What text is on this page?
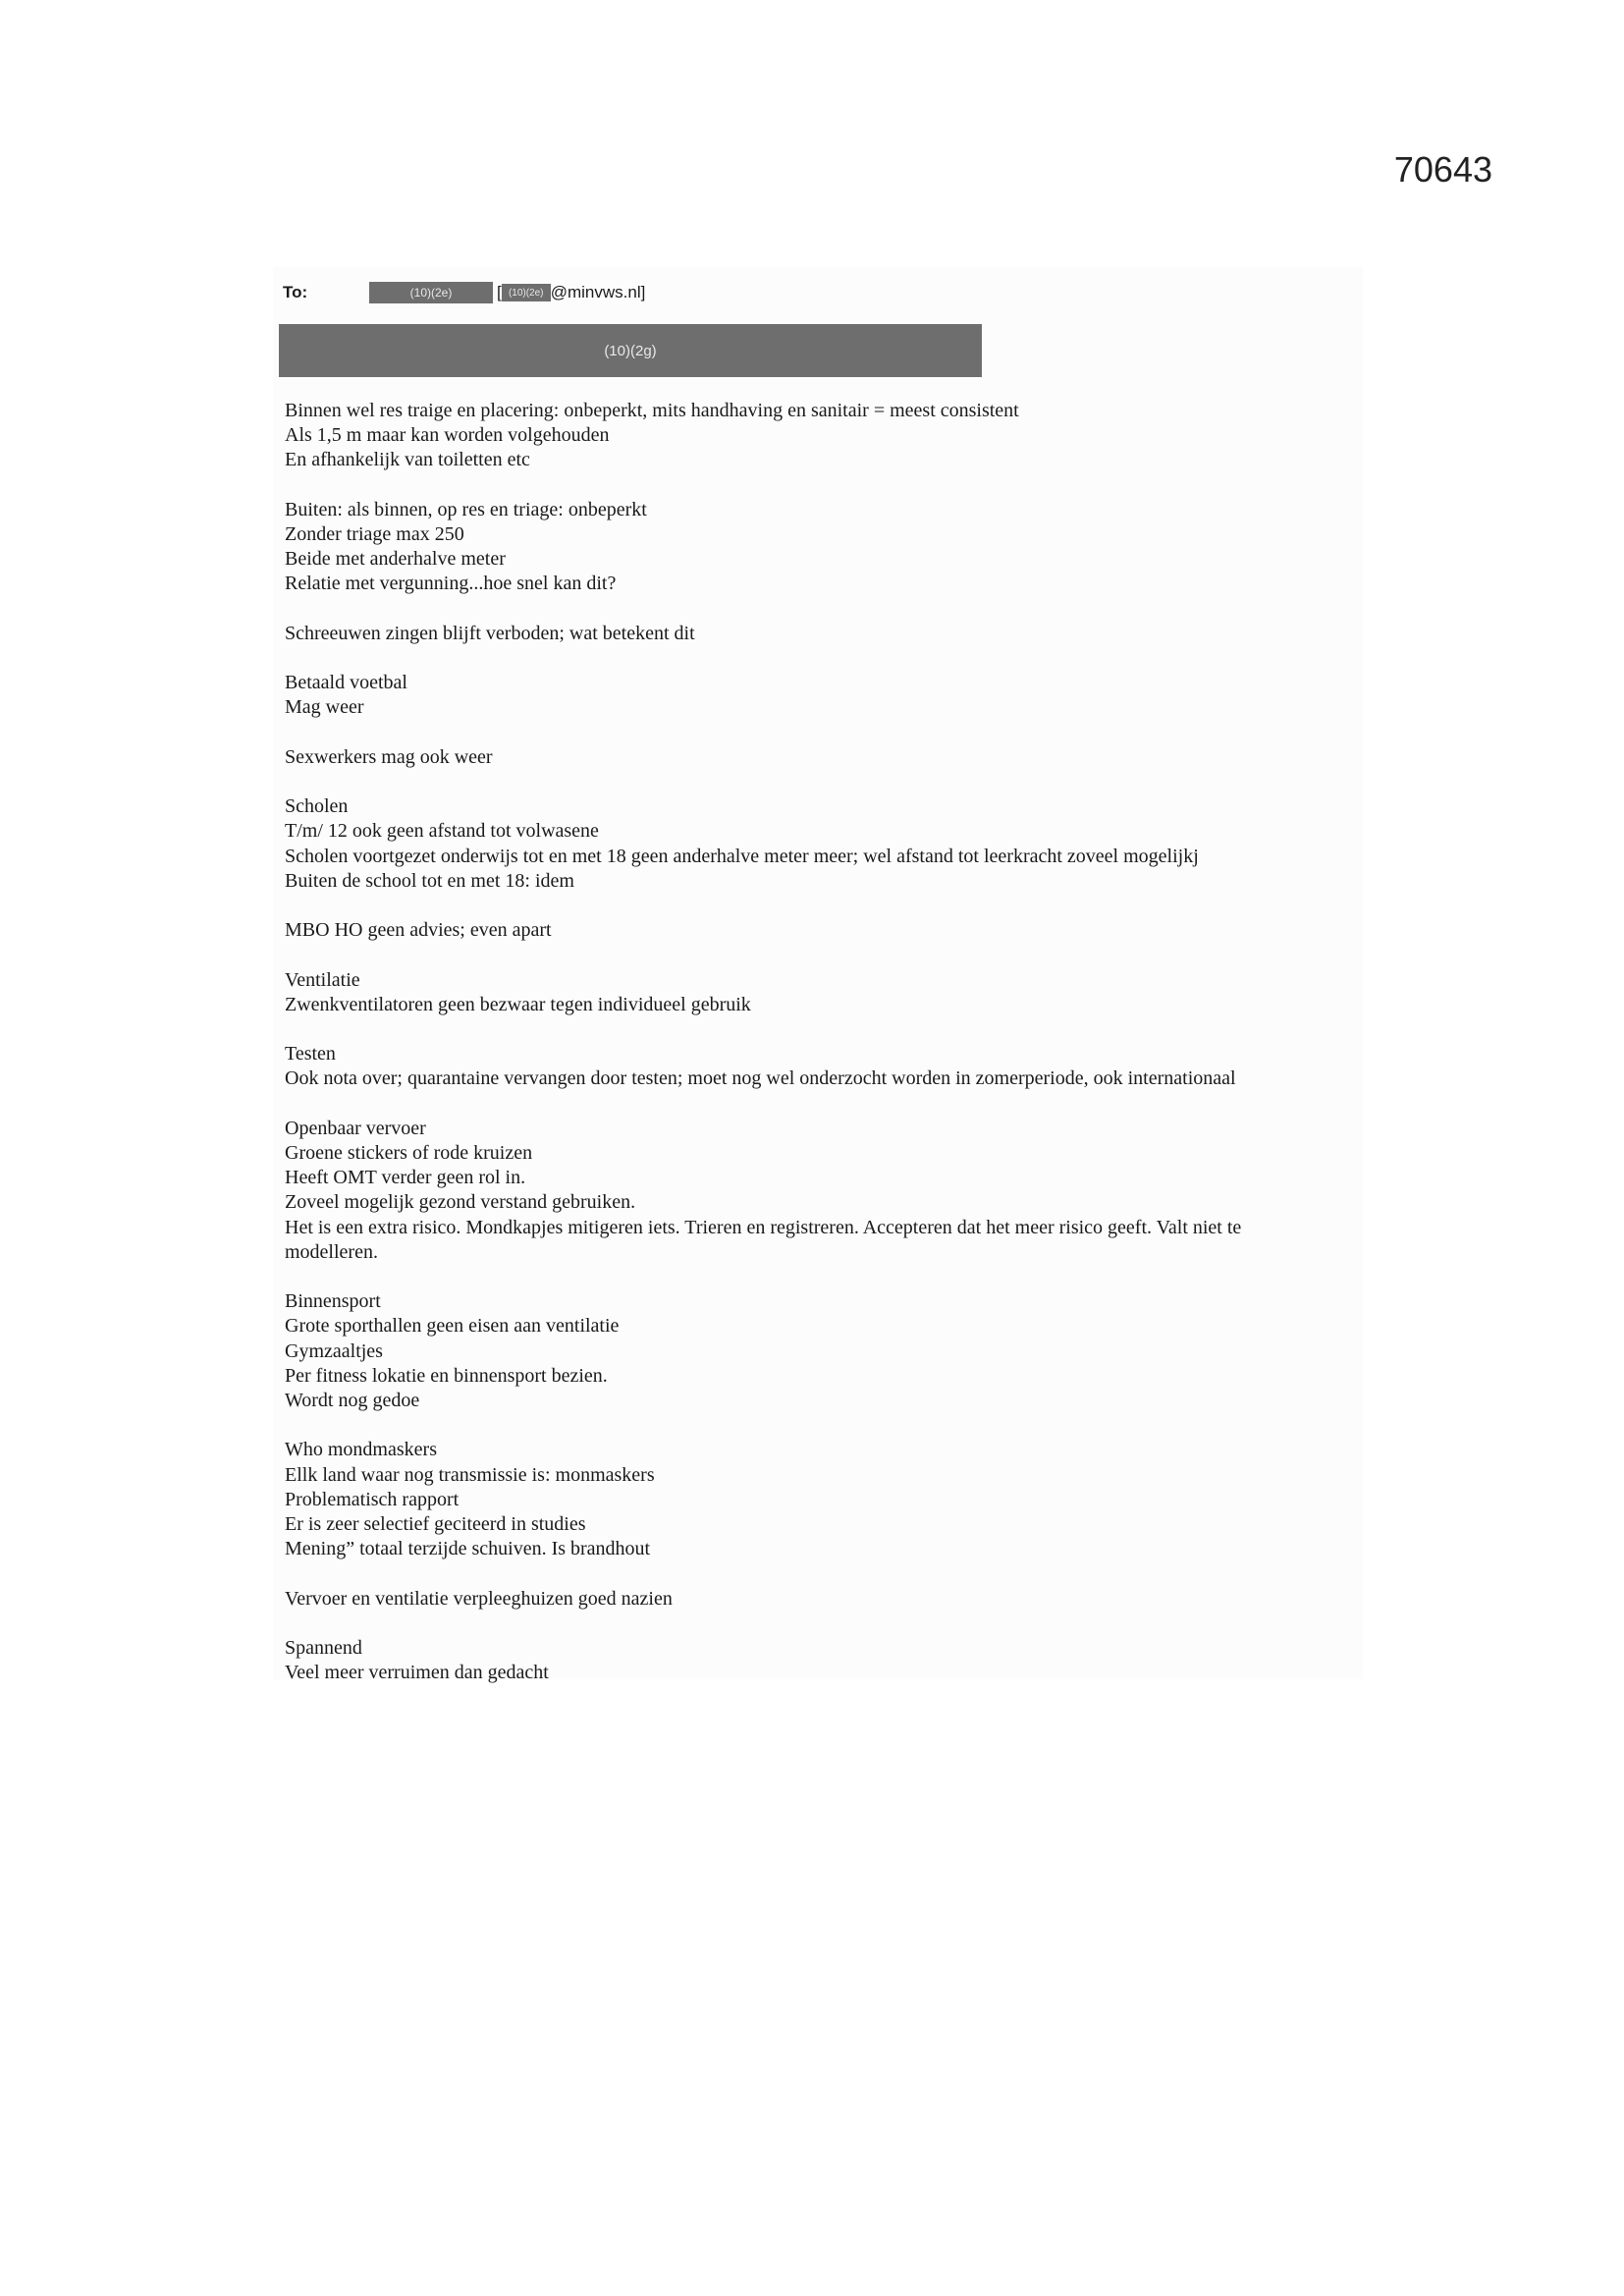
70643
To:	(10)(2e)	[ (10)(2e) @minvws.nl]
(10)(2g)
Binnen wel res traige en placering: onbeperkt, mits handhaving en sanitair = meest consistent
Als 1,5 m maar kan worden volgehouden
En afhankelijk van toiletten etc
Buiten: als binnen, op res en triage: onbeperkt
Zonder triage max 250
Beide met anderhalve meter
Relatie met vergunning...hoe snel kan dit?
Schreeuwen zingen blijft verboden; wat betekent dit
Betaald voetbal
Mag weer
Sexwerkers mag ook weer
Scholen
T/m/ 12 ook geen afstand tot volwasene
Scholen voortgezet onderwijs tot en met 18 geen anderhalve meter meer; wel afstand tot leerkracht zoveel mogelijkj
Buiten de school tot en met 18: idem
MBO HO geen advies; even apart
Ventilatie
Zwenkventilatoren geen bezwaar tegen individueel gebruik
Testen
Ook nota over; quarantaine vervangen door testen; moet nog wel onderzocht worden in zomerperiode, ook internationaal
Openbaar vervoer
Groene stickers of rode kruizen
Heeft OMT verder geen rol in.
Zoveel mogelijk gezond verstand gebruiken.
Het is een extra risico. Mondkapjes mitigeren iets. Trieren en registreren. Accepteren dat het meer risico geeft. Valt niet te
modelleren.
Binnensport
Grote sporthallen geen eisen aan ventilatie
Gymzaaltjes
Per fitness lokatie en binnensport bezien.
Wordt nog gedoe
Who mondmaskers
Ellk land waar nog transmissie is: monmaskers
Problematisch rapport
Er is zeer selectief geciteerd in studies
Mening” totaal terzijde schuiven. Is brandhout
Vervoer en ventilatie verpleeghuizen goed nazien
Spannend
Veel meer verruimen dan gedacht
